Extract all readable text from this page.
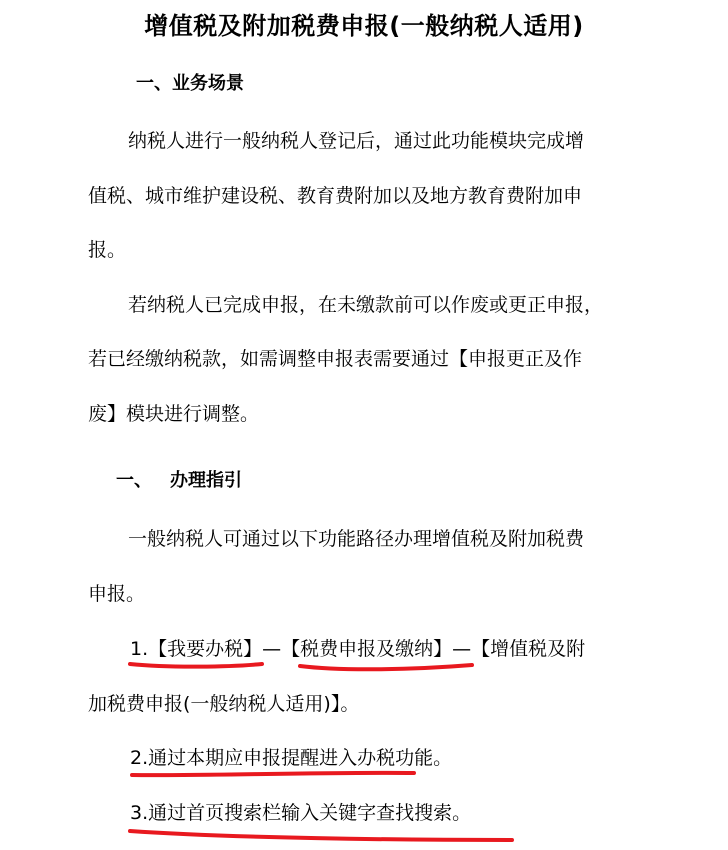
增值税及附加税费申报(一般纳税人适用)
一、业务场景
纳税人进行一般纳税人登记后，通过此功能模块完成增
值税、城市维护建设税、教育费附加以及地方教育费附加申
报。
若纳税人已完成申报，在未缴款前可以作废或更正申报，
若已经缴纳税款，如需调整申报表需要通过【申报更正及作
废】模块进行调整。
一、 办理指引
一般纳税人可通过以下功能路径办理增值税及附加税费
申报。
1.【我要办税】—【税费申报及缴纳】—【增值税及附
加税费申报(一般纳税人适用)】。
2.通过本期应申报提醒进入办税功能。
3.通过首页搜索栏输入关键字查找搜索。
